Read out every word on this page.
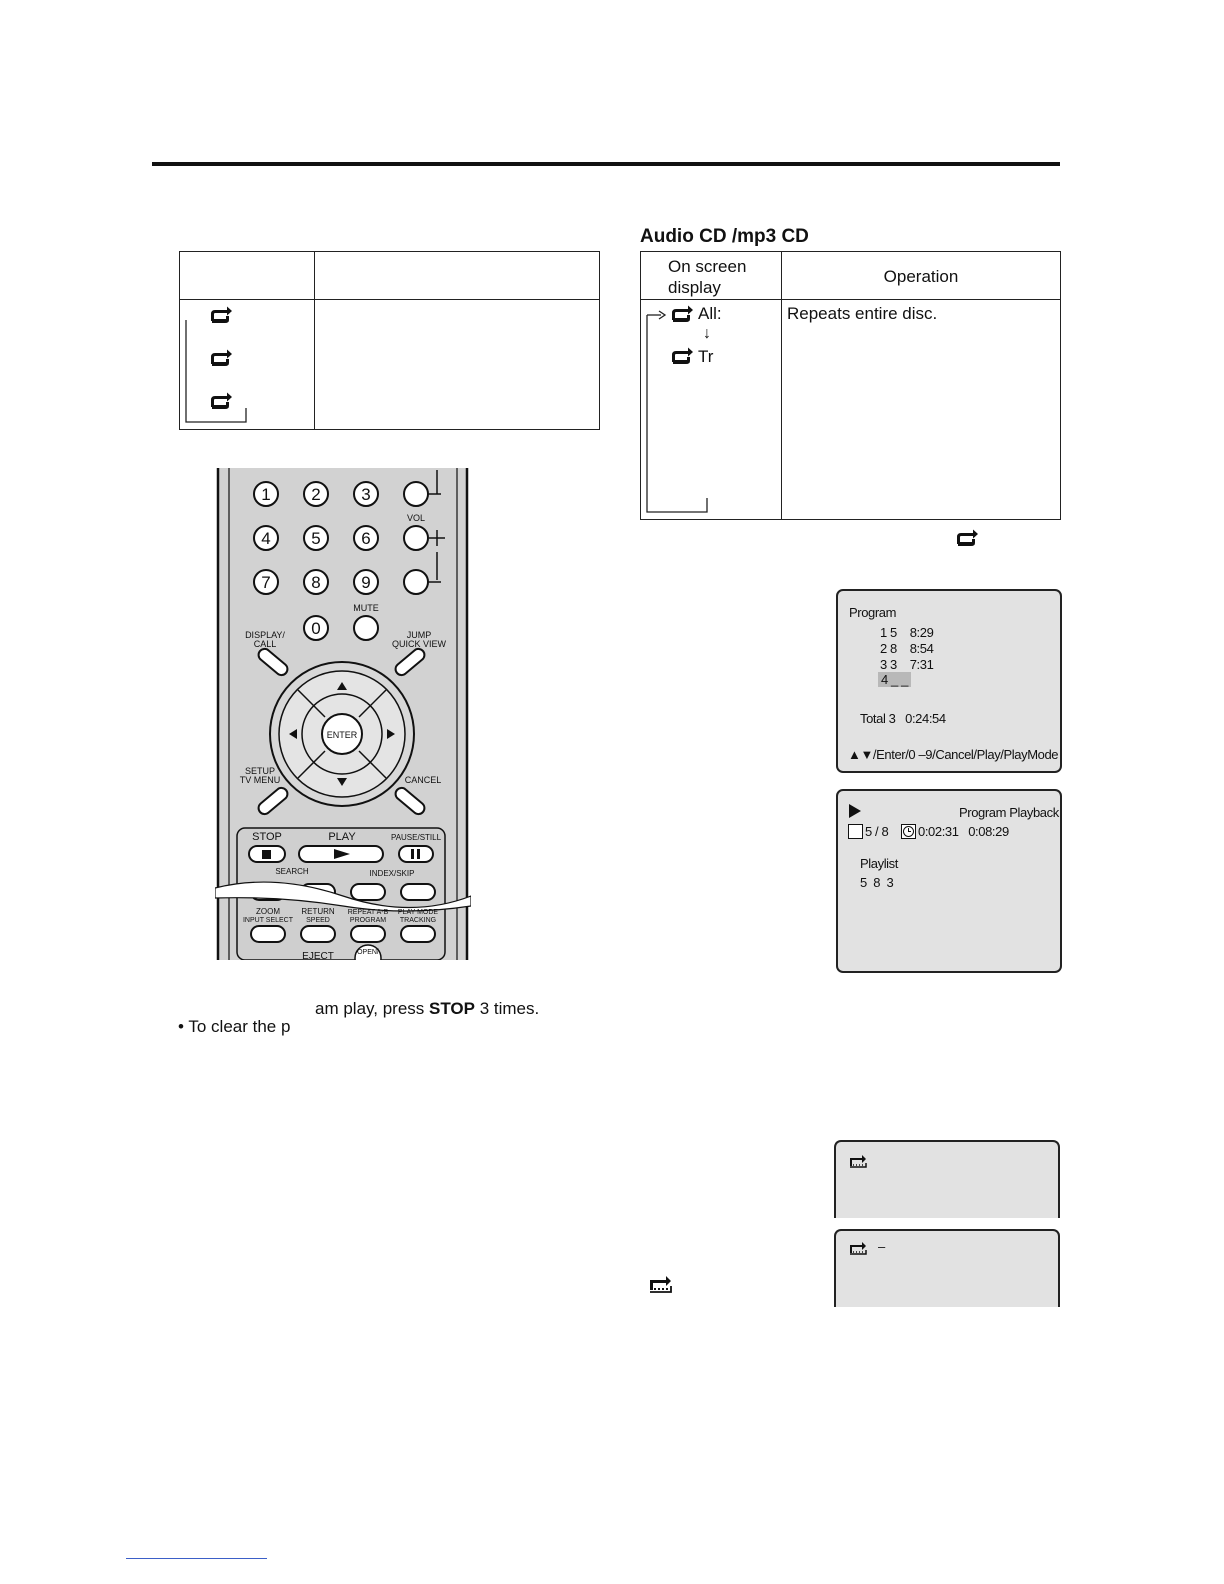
Audio CD /mp3 CD
On screen display	Operation

All:
↓
Tr	Repeats entire disc.
1 2 3
4 5 6
7 8 9
0
VOL
MUTE
DISPLAY/
CALL
JUMP
QUICK VIEW
ENTER
SETUP
TV MENU	CANCEL
STOP	PLAY	PAUSE/STILL
SEARCH	INDEX/SKIP
ZOOM
INPUT SELECT
RETURN
SPEED
REPEAT A-B
PROGRAM
PLAY MODE
TRACKING
EJECT	OPEN/
Program
1 5    8:29
2 8    8:54
3 3    7:31
4 _ _
Total 3   0:24:54
▲▼/Enter/0 –9/Cancel/Play/PlayMode
Program Playback
5 / 8 0:02:31   0:08:29
Playlist
5  8  3
–
am play, press STOP 3 times.
• To clear the p
